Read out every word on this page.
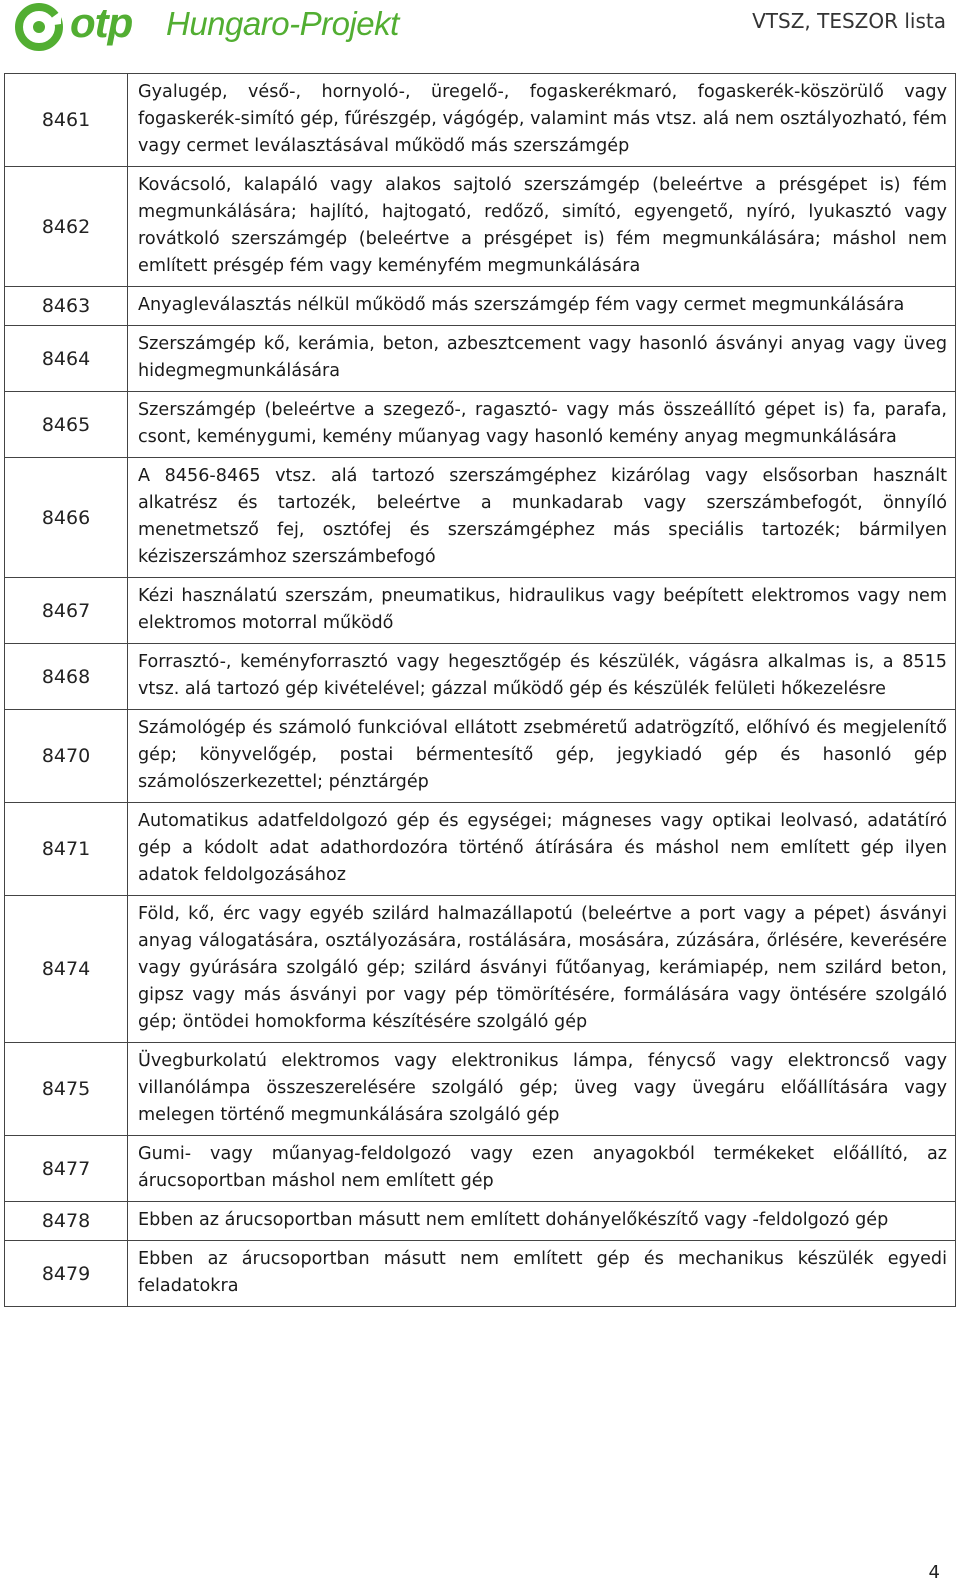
otp Hungaro-Projekt	VTSZ, TESZOR lista
8461	Gyalugép, véső-, hornyoló-, üregelő-, fogaskerékmaró, fogaskerék-köszörülő vagy fogaskerék-simító gép, fűrészgép, vágógép, valamint más vtsz. alá nem osztályozható, fém vagy cermet leválasztásával működő más szerszámgép
8462	Kovácsoló, kalapáló vagy alakos sajtoló szerszámgép (beleértve a présgépet is) fém megmunkálására; hajlító, hajtogató, redőző, simító, egyengető, nyíró, lyukasztó vagy rovátkoló szerszámgép (beleértve a présgépet is) fém megmunkálására; máshol nem említett présgép fém vagy keményfém megmunkálására
8463	Anyagleválasztás nélkül működő más szerszámgép fém vagy cermet megmunkálására
8464	Szerszámgép kő, kerámia, beton, azbesztcement vagy hasonló ásványi anyag vagy üveg hidegmegmunkálására
8465	Szerszámgép (beleértve a szegező-, ragasztó- vagy más összeállító gépet is) fa, parafa, csont, keménygumi, kemény műanyag vagy hasonló kemény anyag megmunkálására
8466	A 8456-8465 vtsz. alá tartozó szerszámgéphez kizárólag vagy elsősorban használt alkatrész és tartozék, beleértve a munkadarab vagy szerszámbefogót, önnyíló menetmetsző fej, osztófej és szerszámgéphez más speciális tartozék; bármilyen kéziszerszámhoz szerszámbefogó
8467	Kézi használatú szerszám, pneumatikus, hidraulikus vagy beépített elektromos vagy nem elektromos motorral működő
8468	Forrasztó-, keményforrasztó vagy hegesztőgép és készülék, vágásra alkalmas is, a 8515 vtsz. alá tartozó gép kivételével; gázzal működő gép és készülék felületi hőkezelésre
8470	Számológép és számoló funkcióval ellátott zsebméretű adatrögzítő, előhívó és megjelenítő gép; könyvelőgép, postai bérmentesítő gép, jegykiadó gép és hasonló gép számolószerkezettel; pénztárgép
8471	Automatikus adatfeldolgozó gép és egységei; mágneses vagy optikai leolvasó, adatátíró gép a kódolt adat adathordozóra történő átírására és máshol nem említett gép ilyen adatok feldolgozásához
8474	Föld, kő, érc vagy egyéb szilárd halmazállapotú (beleértve a port vagy a pépet) ásványi anyag válogatására, osztályozására, rostálására, mosására, zúzására, őrlésére, keverésére vagy gyúrására szolgáló gép; szilárd ásványi fűtőanyag, kerámiapép, nem szilárd beton, gipsz vagy más ásványi por vagy pép tömörítésére, formálására vagy öntésére szolgáló gép; öntödei homokforma készítésére szolgáló gép
8475	Üvegburkolatú elektromos vagy elektronikus lámpa, fénycső vagy elektroncső vagy villanólámpa összeszerelésére szolgáló gép; üveg vagy üvegáru előállítására vagy melegen történő megmunkálására szolgáló gép
8477	Gumi- vagy műanyag-feldolgozó vagy ezen anyagokból termékeket előállító, az árucsoportban máshol nem említett gép
8478	Ebben az árucsoportban másutt nem említett dohányelőkészítő vagy -feldolgozó gép
8479	Ebben az árucsoportban másutt nem említett gép és mechanikus készülék egyedi feladatokra
4
